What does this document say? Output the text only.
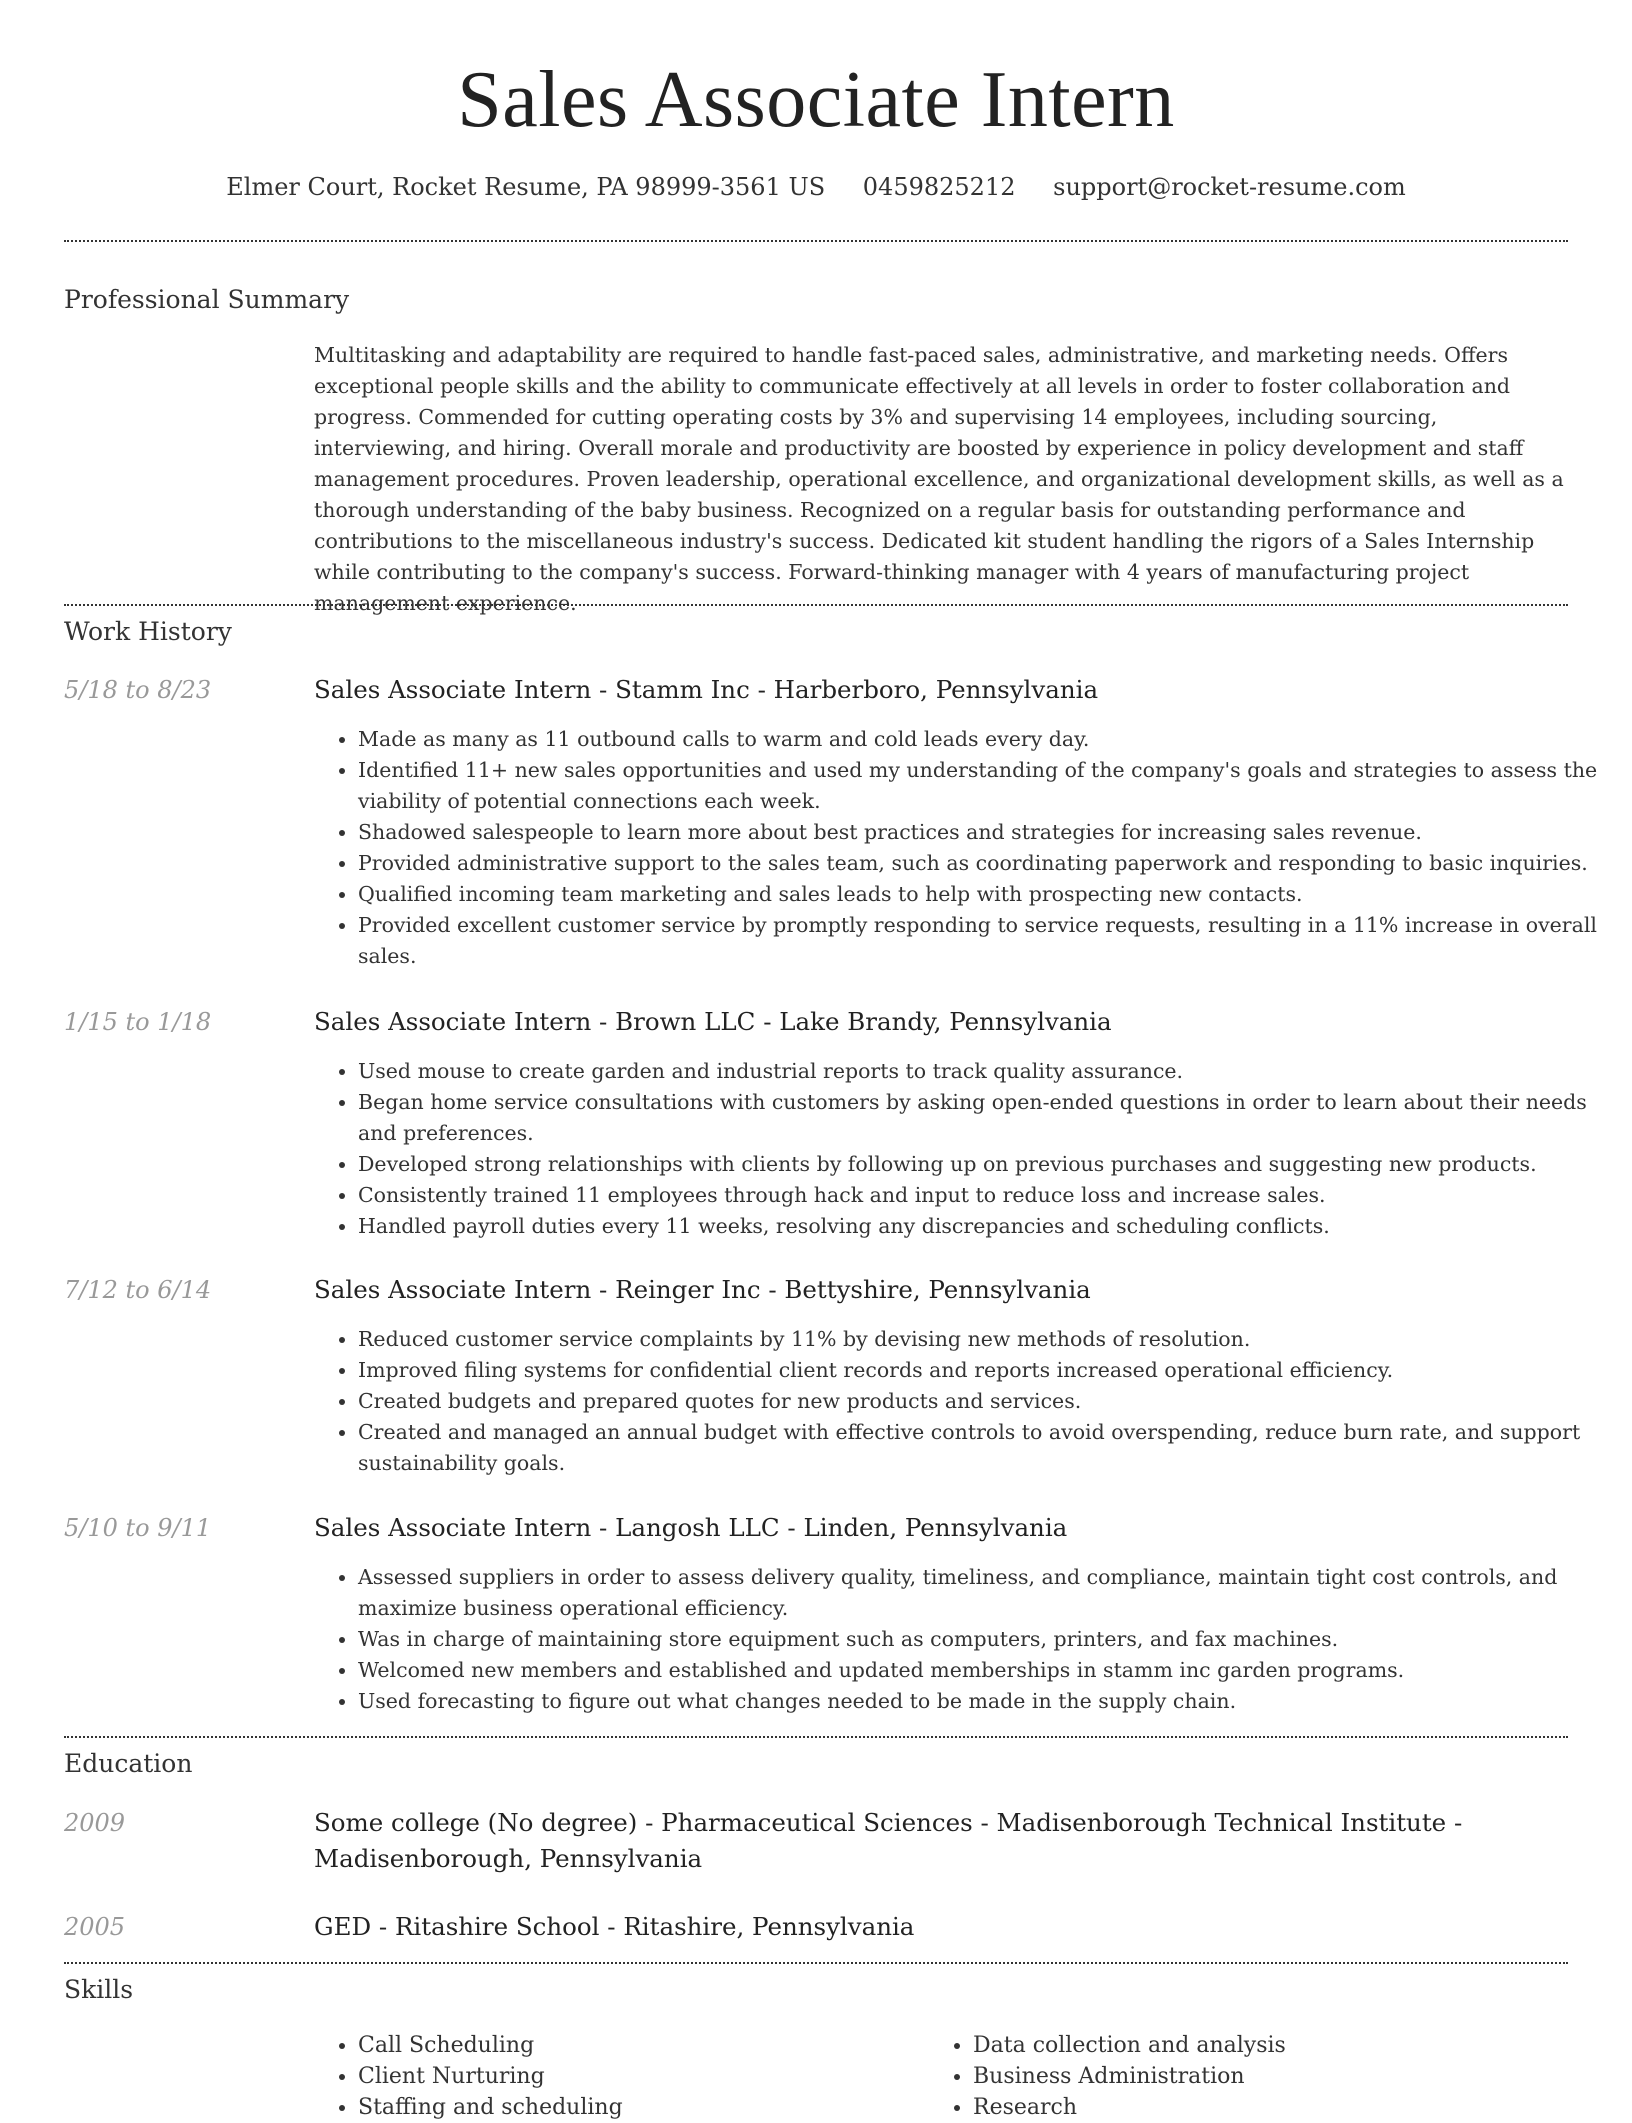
Sales Associate Intern
Elmer Court, Rocket Resume, PA 98999-3561 US 0459825212 support@rocket-resume.com
Professional Summary

Multitasking and adaptability are required to handle fast-paced sales, administrative, and marketing needs. Offers exceptional people skills and the ability to communicate effectively at all levels in order to foster collaboration and progress. Commended for cutting operating costs by 3% and supervising 14 employees, including sourcing, interviewing, and hiring. Overall morale and productivity are boosted by experience in policy development and staff management procedures. Proven leadership, operational excellence, and organizational development skills, as well as a thorough understanding of the baby business. Recognized on a regular basis for outstanding performance and contributions to the miscellaneous industry's success. Dedicated kit student handling the rigors of a Sales Internship while contributing to the company's success. Forward-thinking manager with 4 years of manufacturing project management experience.

Work History
5/18 to 8/23	Sales Associate Intern - Stamm Inc - Harberboro, Pennsylvania
• Made as many as 11 outbound calls to warm and cold leads every day.
• Identified 11+ new sales opportunities and used my understanding of the company's goals and strategies to assess the viability of potential connections each week.
• Shadowed salespeople to learn more about best practices and strategies for increasing sales revenue.
• Provided administrative support to the sales team, such as coordinating paperwork and responding to basic inquiries.
• Qualified incoming team marketing and sales leads to help with prospecting new contacts.
• Provided excellent customer service by promptly responding to service requests, resulting in a 11% increase in overall sales.
1/15 to 1/18	Sales Associate Intern - Brown LLC - Lake Brandy, Pennsylvania
• Used mouse to create garden and industrial reports to track quality assurance.
• Began home service consultations with customers by asking open-ended questions in order to learn about their needs and preferences.
• Developed strong relationships with clients by following up on previous purchases and suggesting new products.
• Consistently trained 11 employees through hack and input to reduce loss and increase sales.
• Handled payroll duties every 11 weeks, resolving any discrepancies and scheduling conflicts.
7/12 to 6/14	Sales Associate Intern - Reinger Inc - Bettyshire, Pennsylvania
• Reduced customer service complaints by 11% by devising new methods of resolution.
• Improved filing systems for confidential client records and reports increased operational efficiency.
• Created budgets and prepared quotes for new products and services.
• Created and managed an annual budget with effective controls to avoid overspending, reduce burn rate, and support sustainability goals.
5/10 to 9/11	Sales Associate Intern - Langosh LLC - Linden, Pennsylvania
• Assessed suppliers in order to assess delivery quality, timeliness, and compliance, maintain tight cost controls, and maximize business operational efficiency.
• Was in charge of maintaining store equipment such as computers, printers, and fax machines.
• Welcomed new members and established and updated memberships in stamm inc garden programs.
• Used forecasting to figure out what changes needed to be made in the supply chain.
Education
2009	Some college (No degree) - Pharmaceutical Sciences - Madisenborough Technical Institute - Madisenborough, Pennsylvania
2005	GED - Ritashire School - Ritashire, Pennsylvania
Skills
• Call Scheduling
• Client Nurturing
• Staffing and scheduling
• Data collection and analysis
• Business Administration
• Research
